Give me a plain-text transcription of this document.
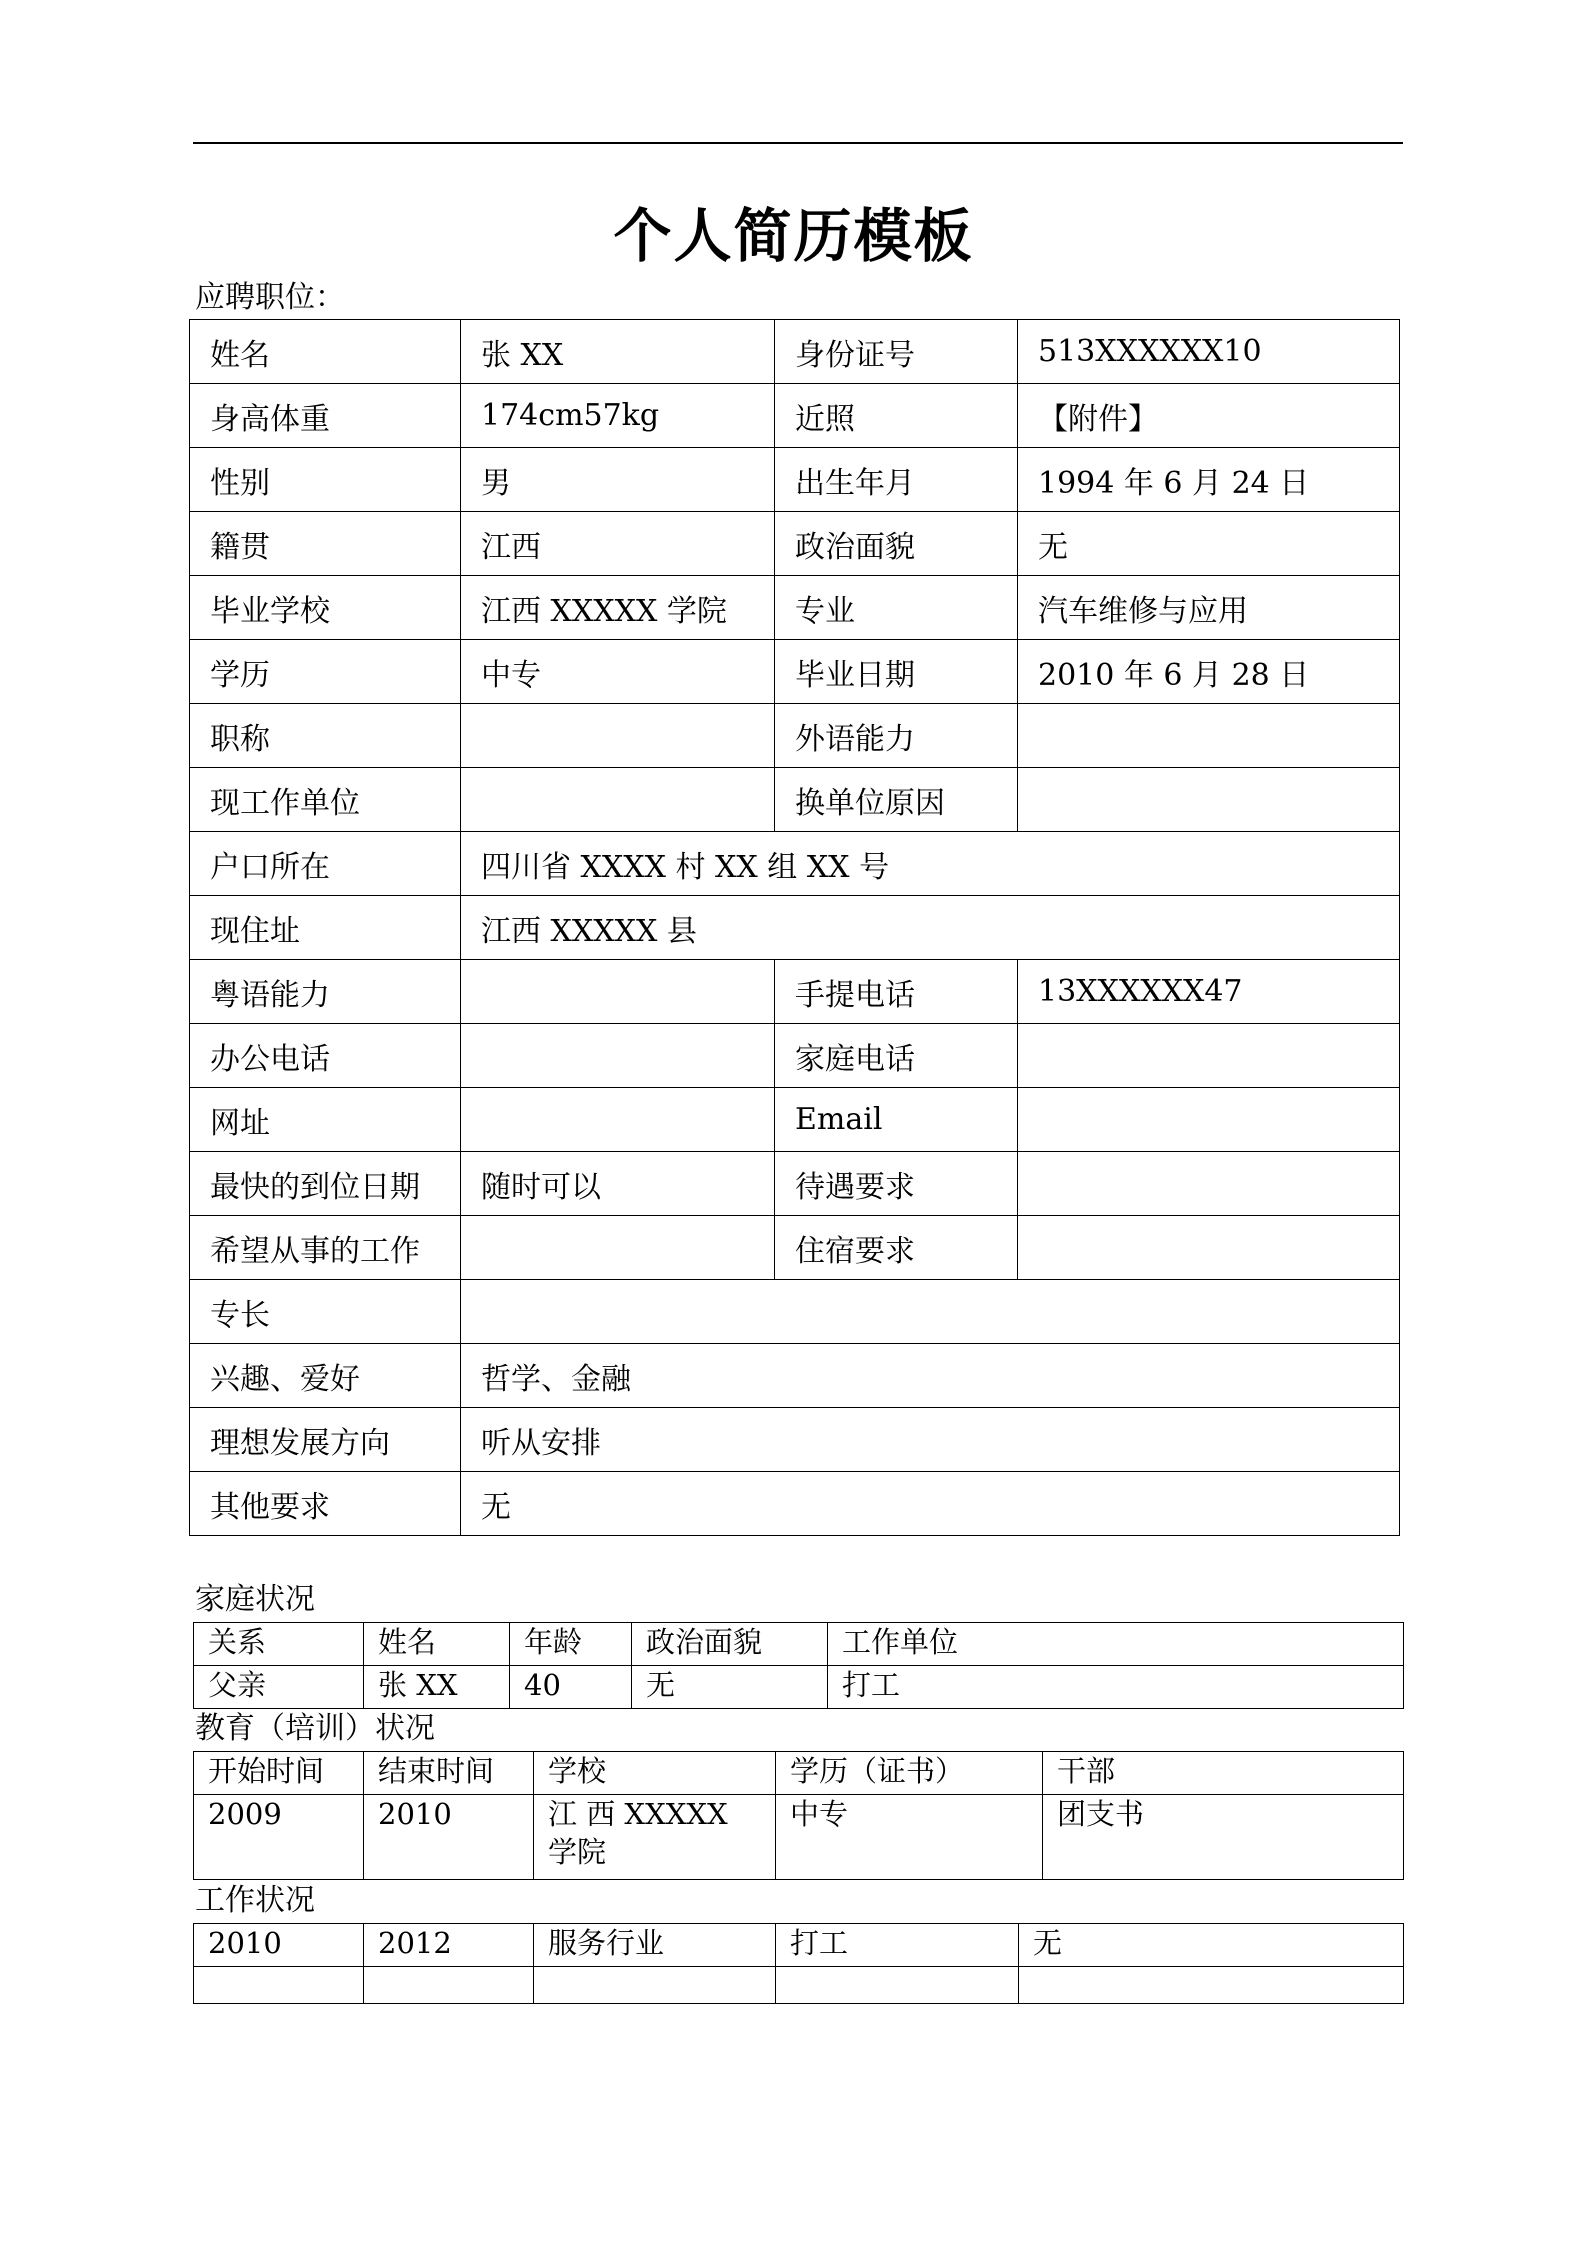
个人简历模板
应聘职位：
姓名	张 XX	身份证号	513XXXXXX10
身高体重	174cm57kg	近照	【附件】
性别	男	出生年月	1994 年 6 月 24 日
籍贯	江西	政治面貌	无
毕业学校	江西 XXXXX 学院	专业	汽车维修与应用
学历	中专	毕业日期	2010 年 6 月 28 日
职称		外语能力	
现工作单位		换单位原因	
户口所在	四川省 XXXX 村 XX 组 XX 号		
现住址	江西 XXXXX 县		
粤语能力		手提电话	13XXXXXX47
办公电话		家庭电话	
网址		Email	
最快的到位日期	随时可以	待遇要求	
希望从事的工作		住宿要求	
专长			
兴趣、爱好	哲学、金融		
理想发展方向	听从安排		
其他要求	无		
家庭状况
关系	姓名	年龄	政治面貌	工作单位
父亲	张 XX	40	无	打工
教育（培训）状况
开始时间	结束时间	学校	学历（证书）	干部
2009	2010	江 西 XXXXX 学院	中专	团支书
工作状况
2010	2012	服务行业	打工	无
